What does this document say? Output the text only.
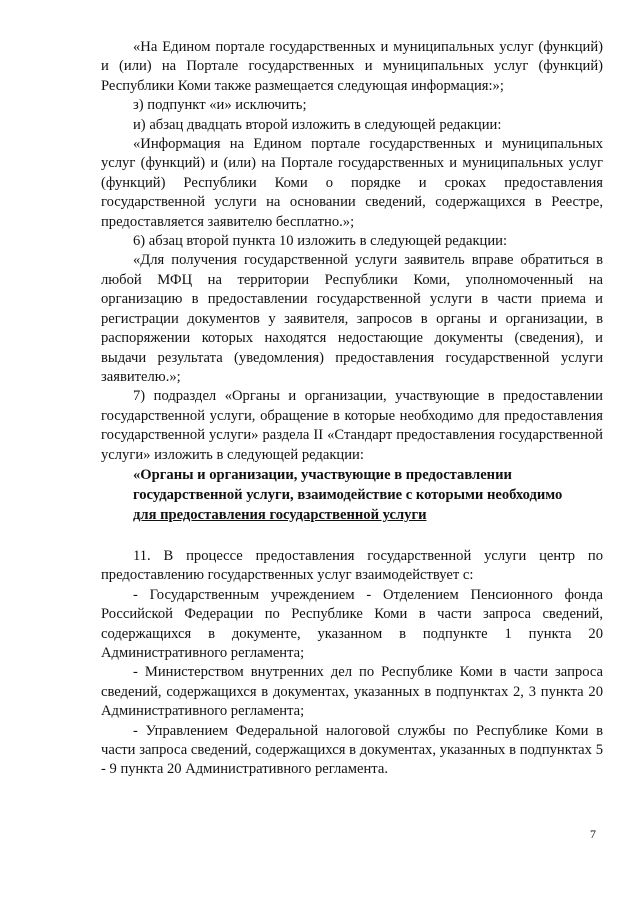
«На Едином портале государственных и муниципальных услуг (функций) и (или) на Портале государственных и муниципальных услуг (функций) Республики Коми также размещается следующая информация:»;

з) подпункт «и» исключить;

и) абзац двадцать второй изложить в следующей редакции:

«Информация на Едином портале государственных и муниципальных услуг (функций) и (или) на Портале государственных и муниципальных услуг (функций) Республики Коми о порядке и сроках предоставления государственной услуги на основании сведений, содержащихся в Реестре, предоставляется заявителю бесплатно.»;

6) абзац второй пункта 10 изложить в следующей редакции:

«Для получения государственной услуги заявитель вправе обратиться в любой МФЦ на территории Республики Коми, уполномоченный на организацию в предоставлении государственной услуги в части приема и регистрации документов у заявителя, запросов в органы и организации, в распоряжении которых находятся недостающие документы (сведения), и выдачи результата (уведомления) предоставления государственной услуги заявителю.»;

7) подраздел «Органы и организации, участвующие в предоставлении государственной услуги, обращение в которые необходимо для предоставления государственной услуги» раздела II «Стандарт предоставления государственной услуги» изложить в следующей редакции:

«Органы и организации, участвующие в предоставлении
государственной услуги, взаимодействие с которыми необходимо
для предоставления государственной услуги

11. В процессе предоставления государственной услуги центр по предоставлению государственных услуг взаимодействует с:

- Государственным учреждением - Отделением Пенсионного фонда Российской Федерации по Республике Коми в части запроса сведений, содержащихся в документе, указанном в подпункте 1 пункта 20 Административного регламента;

- Министерством внутренних дел по Республике Коми в части запроса сведений, содержащихся в документах, указанных в подпунктах 2, 3 пункта 20 Административного регламента;

- Управлением Федеральной налоговой службы по Республике Коми в части запроса сведений, содержащихся в документах, указанных в подпунктах 5 - 9 пункта 20 Административного регламента.

7
